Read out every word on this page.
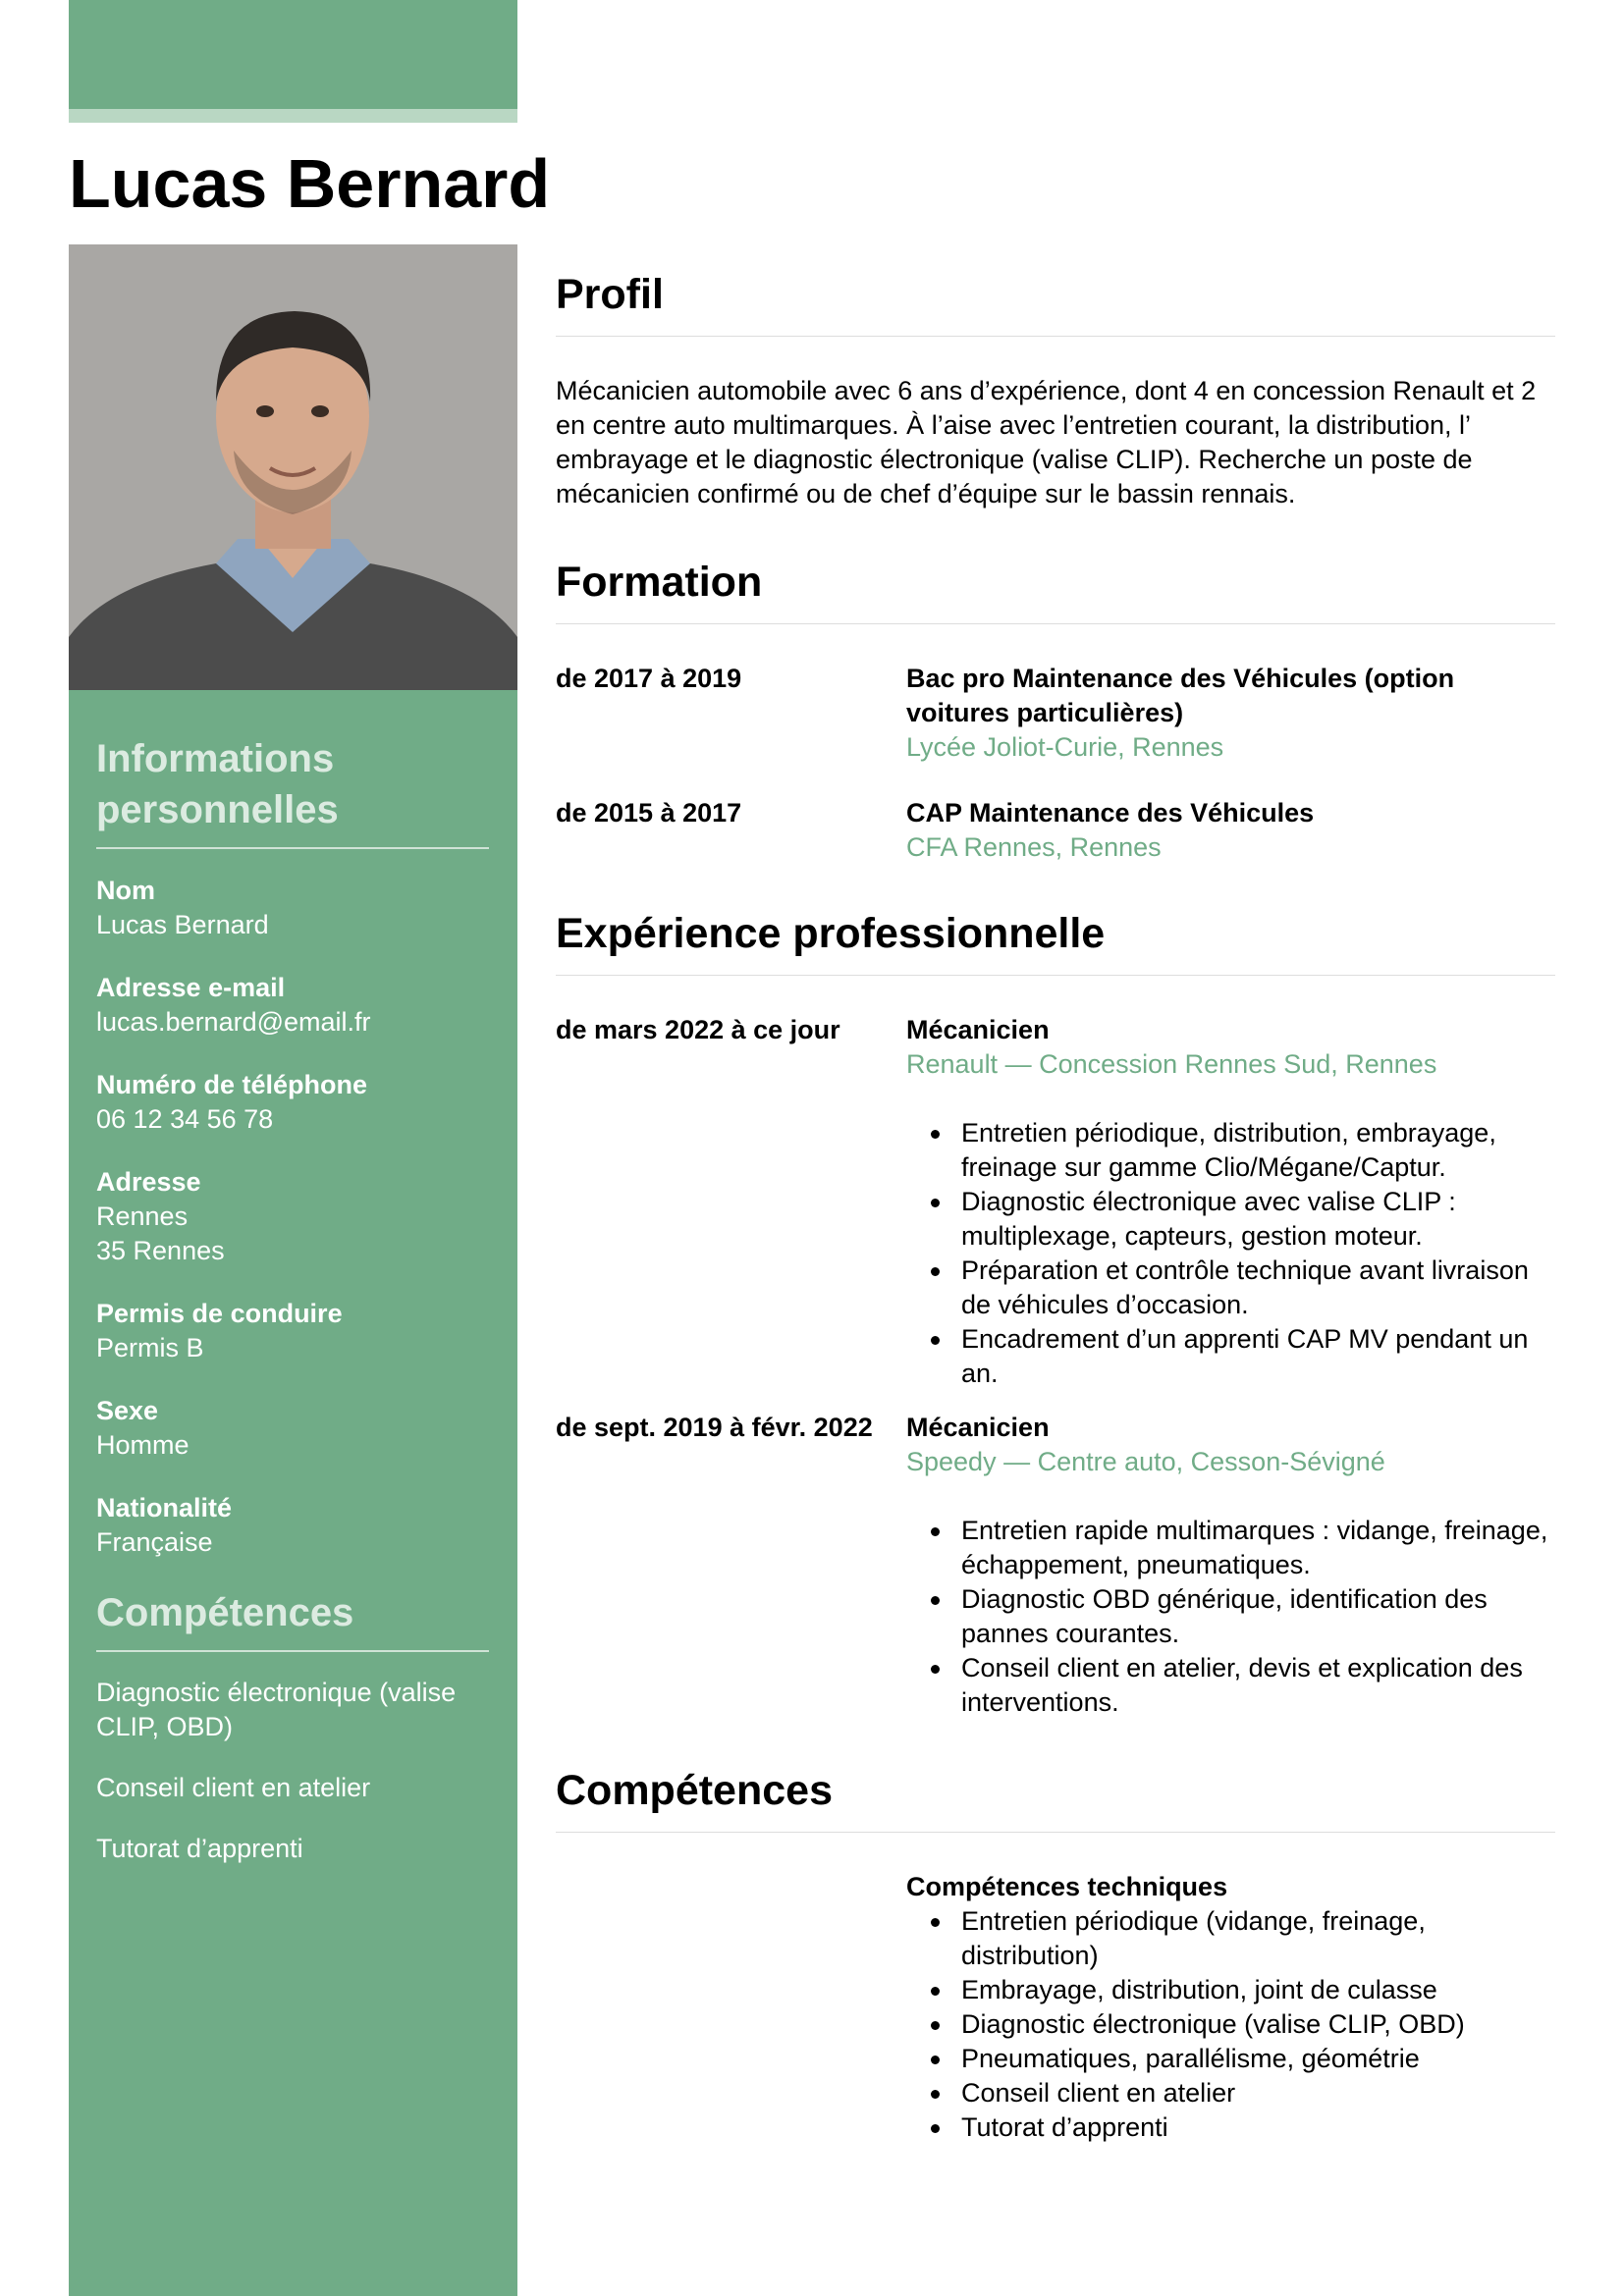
Lucas Bernard
Informations personnelles
Nom
Lucas Bernard
Adresse e-mail
lucas.bernard@email.fr
Numéro de téléphone
06 12 34 56 78
Adresse
Rennes
35 Rennes
Permis de conduire
Permis B
Sexe
Homme
Nationalité
Française
Compétences
Diagnostic électronique (valise CLIP, OBD)
Conseil client en atelier
Tutorat d’apprenti
Profil

Mécanicien automobile avec 6 ans d’expérience, dont 4 en concession Renault et 2 en centre auto multimarques. À l’aise avec l’entretien courant, la distribution, l’ embrayage et le diagnostic électronique (valise CLIP). Recherche un poste de mécanicien confirmé ou de chef d’équipe sur le bassin rennais.

Formation
de 2017 à 2019	Bac pro Maintenance des Véhicules (option voitures particulières)
Lycée Joliot-Curie, Rennes
de 2015 à 2017	CAP Maintenance des Véhicules
CFA Rennes, Rennes
Expérience professionnelle
de mars 2022 à ce jour	Mécanicien
Renault — Concession Rennes Sud, Rennes
Entretien périodique, distribution, embrayage, freinage sur gamme Clio/Mégane/Captur.
Diagnostic électronique avec valise CLIP : multiplexage, capteurs, gestion moteur.
Préparation et contrôle technique avant livraison de véhicules d’occasion.
Encadrement d’un apprenti CAP MV pendant un an.
de sept. 2019 à févr. 2022	Mécanicien
Speedy — Centre auto, Cesson-Sévigné
Entretien rapide multimarques : vidange, freinage, échappement, pneumatiques.
Diagnostic OBD générique, identification des pannes courantes.
Conseil client en atelier, devis et explication des interventions.
Compétences
Compétences techniques
Entretien périodique (vidange, freinage, distribution)
Embrayage, distribution, joint de culasse
Diagnostic électronique (valise CLIP, OBD)
Pneumatiques, parallélisme, géométrie
Conseil client en atelier
Tutorat d’apprenti
